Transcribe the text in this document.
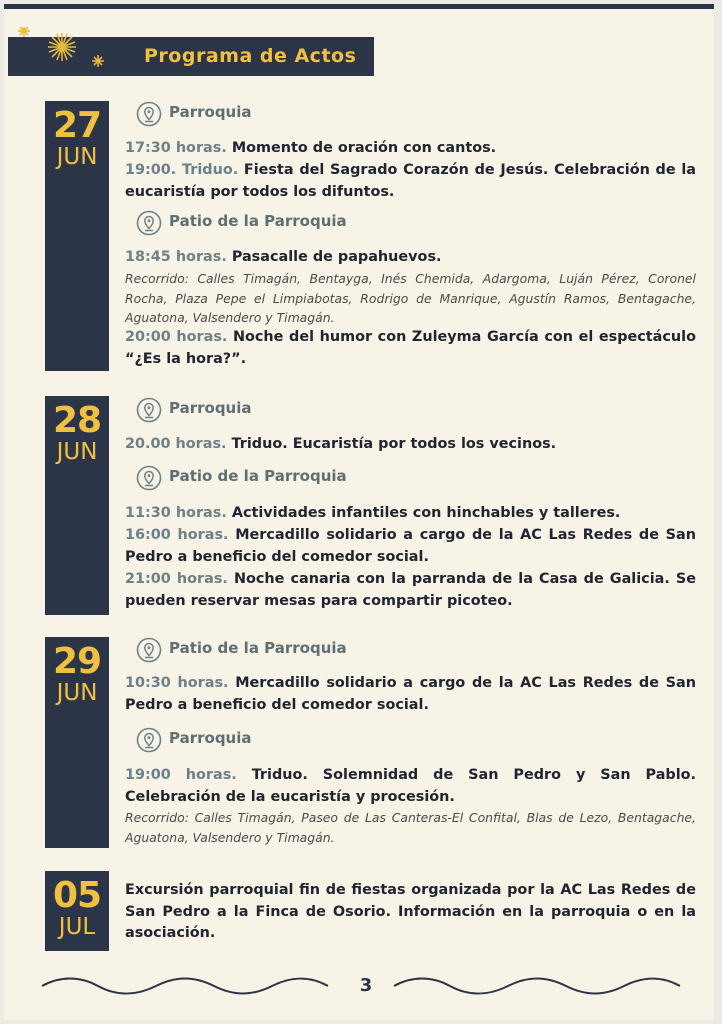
Programa de Actos
27
JUN
Parroquia
17:30 horas. Momento de oración con cantos.
19:00. Triduo. Fiesta del Sagrado Corazón de Jesús. Celebración de la eucaristía por todos los difuntos.
Patio de la Parroquia
18:45 horas. Pasacalle de papahuevos.
Recorrido: Calles Timagán, Bentayga, Inés Chemida, Adargoma, Luján Pérez, Coronel Rocha, Plaza Pepe el Limpiabotas, Rodrigo de Manrique, Agustín Ramos, Bentagache, Aguatona, Valsendero y Timagán.
20:00 horas. Noche del humor con Zuleyma García con el espectáculo “¿Es la hora?”.
28
JUN
Parroquia
20.00 horas. Triduo. Eucaristía por todos los vecinos.
Patio de la Parroquia
11:30 horas. Actividades infantiles con hinchables y talleres.
16:00 horas. Mercadillo solidario a cargo de la AC Las Redes de San Pedro a beneficio del comedor social.
21:00 horas. Noche canaria con la parranda de la Casa de Galicia. Se pueden reservar mesas para compartir picoteo.
29
JUN
Patio de la Parroquia
10:30 horas. Mercadillo solidario a cargo de la AC Las Redes de San Pedro a beneficio del comedor social.
Parroquia
19:00 horas. Triduo. Solemnidad de San Pedro y San Pablo. Celebración de la eucaristía y procesión.
Recorrido: Calles Timagán, Paseo de Las Canteras-El Confital, Blas de Lezo, Bentagache, Aguatona, Valsendero y Timagán.
05
JUL
Excursión parroquial fin de fiestas organizada por la AC Las Redes de San Pedro a la Finca de Osorio. Información en la parroquia o en la asociación.
3
